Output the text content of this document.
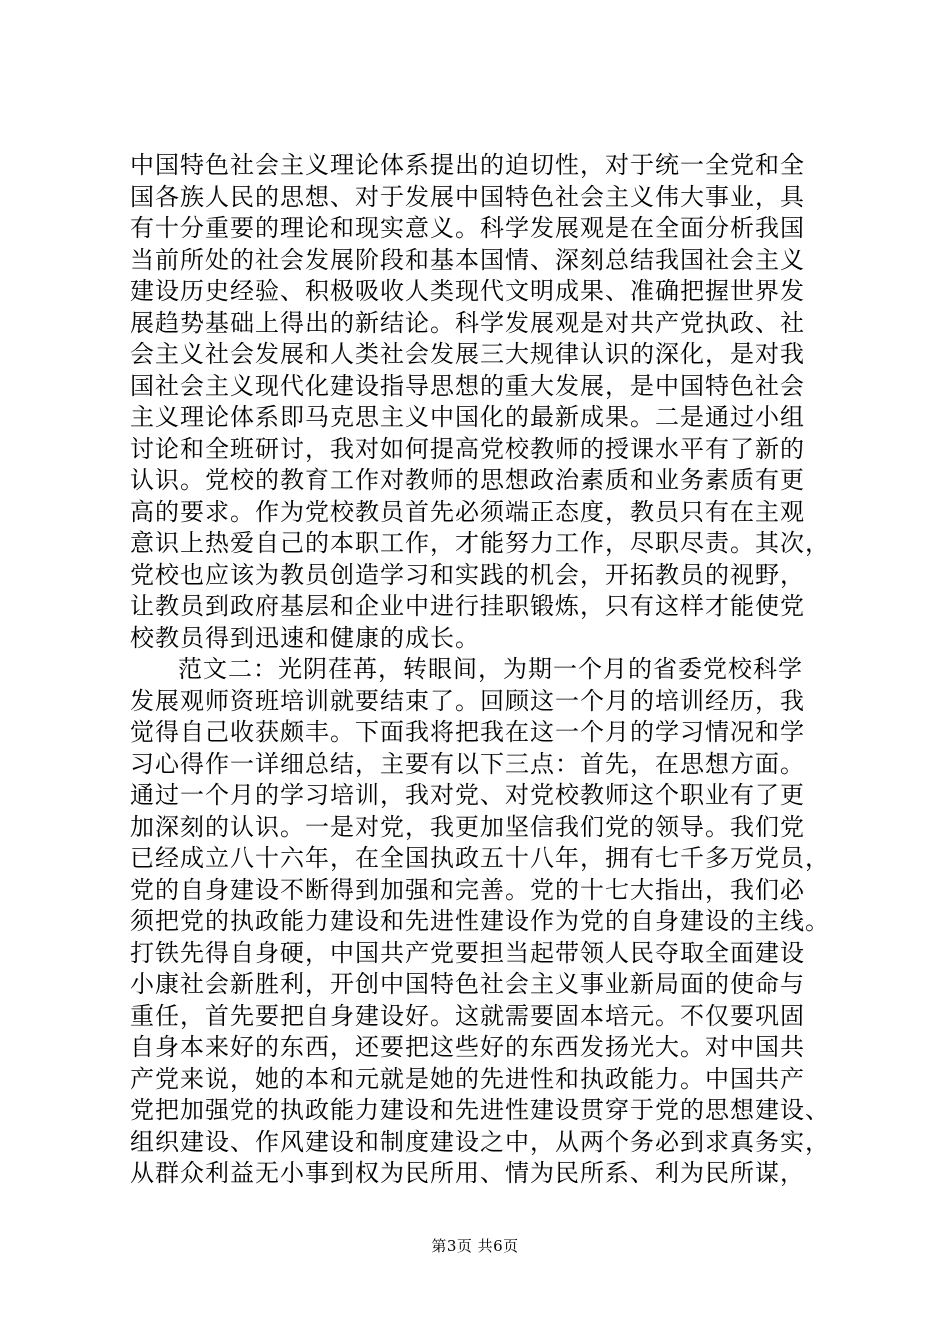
中国特色社会主义理论体系提出的迫切性，对于统一全党和全
国各族人民的思想、对于发展中国特色社会主义伟大事业，具
有十分重要的理论和现实意义。科学发展观是在全面分析我国
当前所处的社会发展阶段和基本国情、深刻总结我国社会主义
建设历史经验、积极吸收人类现代文明成果、准确把握世界发
展趋势基础上得出的新结论。科学发展观是对共产党执政、社
会主义社会发展和人类社会发展三大规律认识的深化，是对我
国社会主义现代化建设指导思想的重大发展，是中国特色社会
主义理论体系即马克思主义中国化的最新成果。二是通过小组
讨论和全班研讨，我对如何提高党校教师的授课水平有了新的
认识。党校的教育工作对教师的思想政治素质和业务素质有更
高的要求。作为党校教员首先必须端正态度，教员只有在主观
意识上热爱自己的本职工作，才能努力工作，尽职尽责。其次，
党校也应该为教员创造学习和实践的机会，开拓教员的视野，
让教员到政府基层和企业中进行挂职锻炼，只有这样才能使党
校教员得到迅速和健康的成长。
范文二：光阴荏苒，转眼间，为期一个月的省委党校科学
发展观师资班培训就要结束了。回顾这一个月的培训经历，我
觉得自己收获颇丰。下面我将把我在这一个月的学习情况和学
习心得作一详细总结，主要有以下三点：首先，在思想方面。
通过一个月的学习培训，我对党、对党校教师这个职业有了更
加深刻的认识。一是对党，我更加坚信我们党的领导。我们党
已经成立八十六年，在全国执政五十八年，拥有七千多万党员，
党的自身建设不断得到加强和完善。党的十七大指出，我们必
须把党的执政能力建设和先进性建设作为党的自身建设的主线。
打铁先得自身硬，中国共产党要担当起带领人民夺取全面建设
小康社会新胜利，开创中国特色社会主义事业新局面的使命与
重任，首先要把自身建设好。这就需要固本培元。不仅要巩固
自身本来好的东西，还要把这些好的东西发扬光大。对中国共
产党来说，她的本和元就是她的先进性和执政能力。中国共产
党把加强党的执政能力建设和先进性建设贯穿于党的思想建设、
组织建设、作风建设和制度建设之中，从两个务必到求真务实，
从群众利益无小事到权为民所用、情为民所系、利为民所谋，
第3页 共6页
